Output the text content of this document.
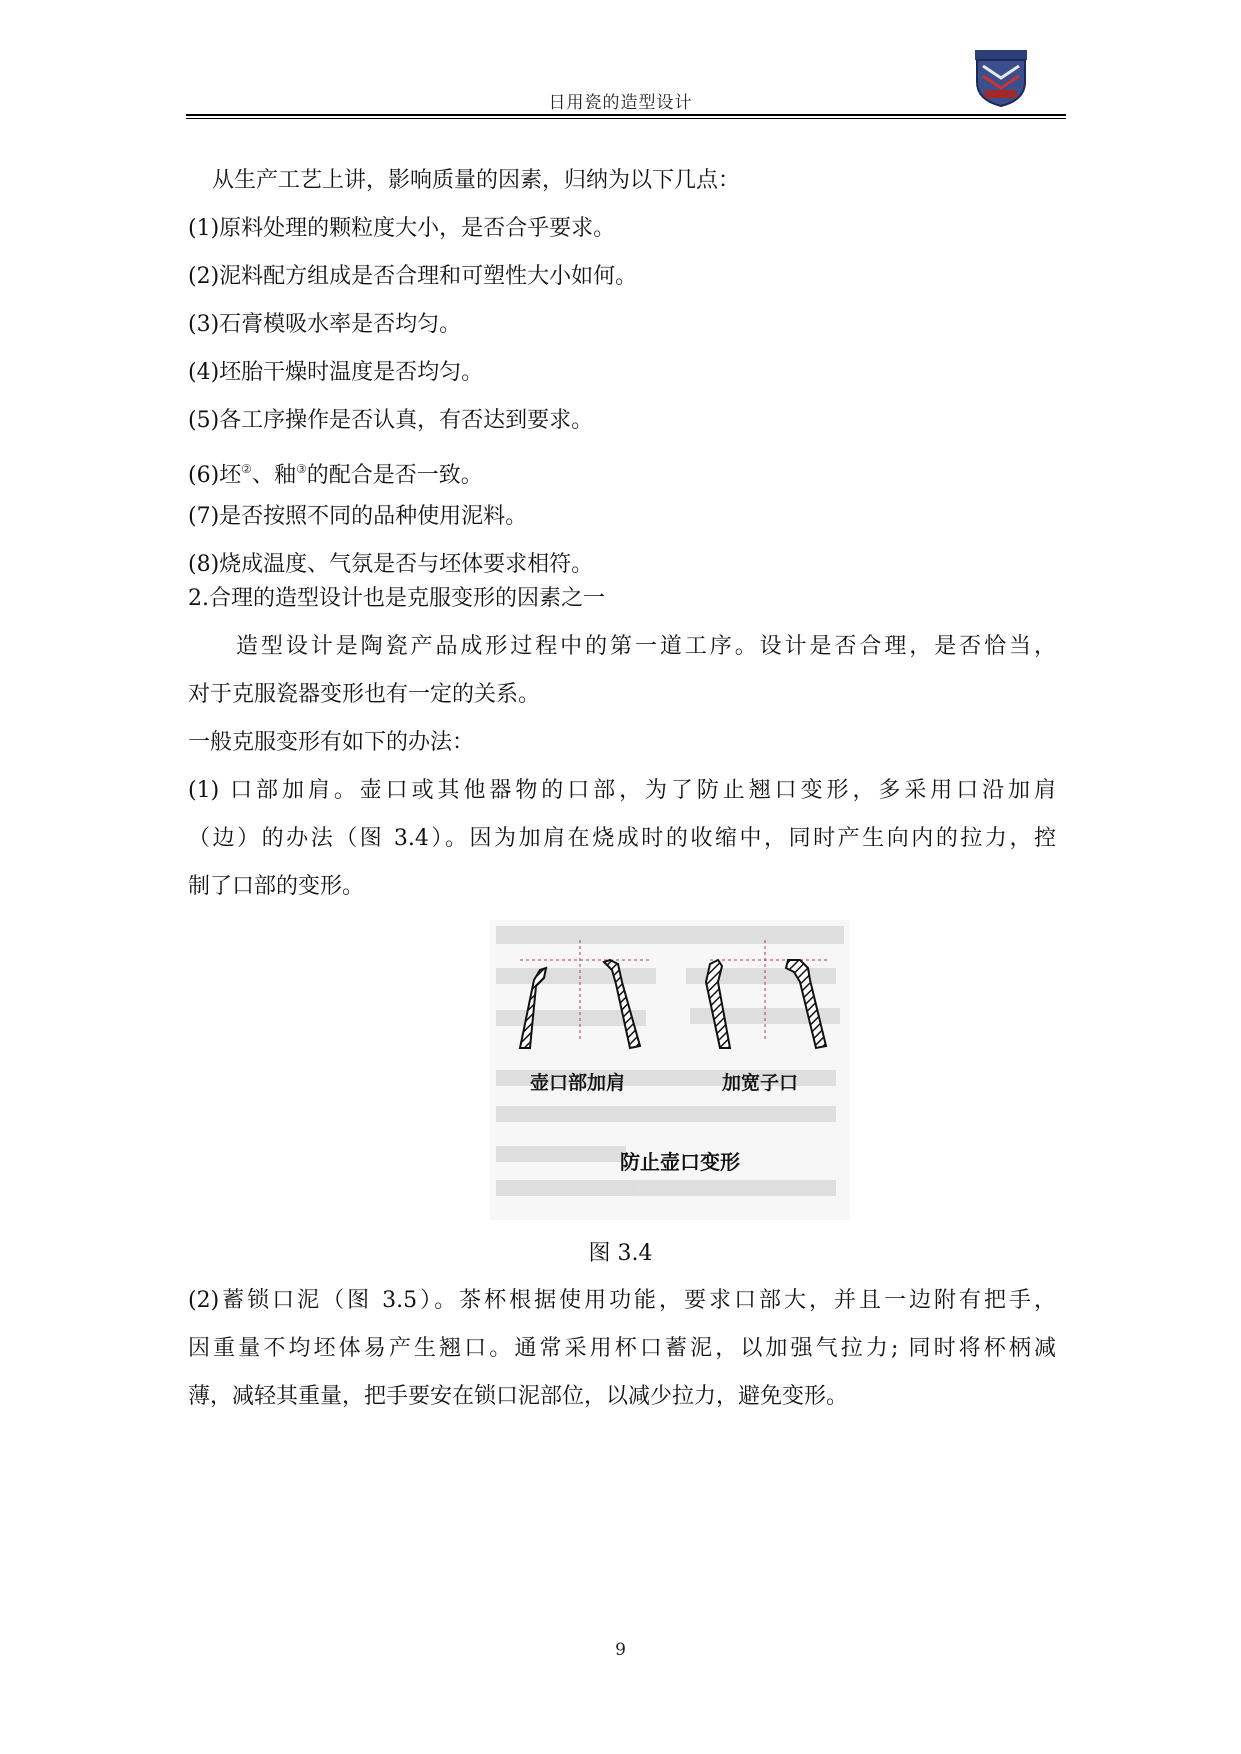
日用瓷的造型设计
从生产工艺上讲，影响质量的因素，归纳为以下几点：
(1)原料处理的颗粒度大小，是否合乎要求。
(2)泥料配方组成是否合理和可塑性大小如何。
(3)石膏模吸水率是否均匀。
(4)坯胎干燥时温度是否均匀。
(5)各工序操作是否认真，有否达到要求。
(6)坯②、釉③的配合是否一致。
(7)是否按照不同的品种使用泥料。
(8)烧成温度、气氛是否与坯体要求相符。
2.合理的造型设计也是克服变形的因素之一
造型设计是陶瓷产品成形过程中的第一道工序。设计是否合理，是否恰当，
对于克服瓷器变形也有一定的关系。
一般克服变形有如下的办法：
(1) 口部加肩。壶口或其他器物的口部，为了防止翘口变形，多采用口沿加肩
（边）的办法（图 3.4）。因为加肩在烧成时的收缩中，同时产生向内的拉力，控
制了口部的变形。
壶口部加肩	加宽子口
防止壶口变形
图 3.4
(2)蓄锁口泥（图 3.5）。茶杯根据使用功能，要求口部大，并且一边附有把手，
因重量不均坯体易产生翘口。通常采用杯口蓄泥，以加强气拉力; 同时将杯柄减
薄，减轻其重量，把手要安在锁口泥部位，以减少拉力，避免变形。
9
